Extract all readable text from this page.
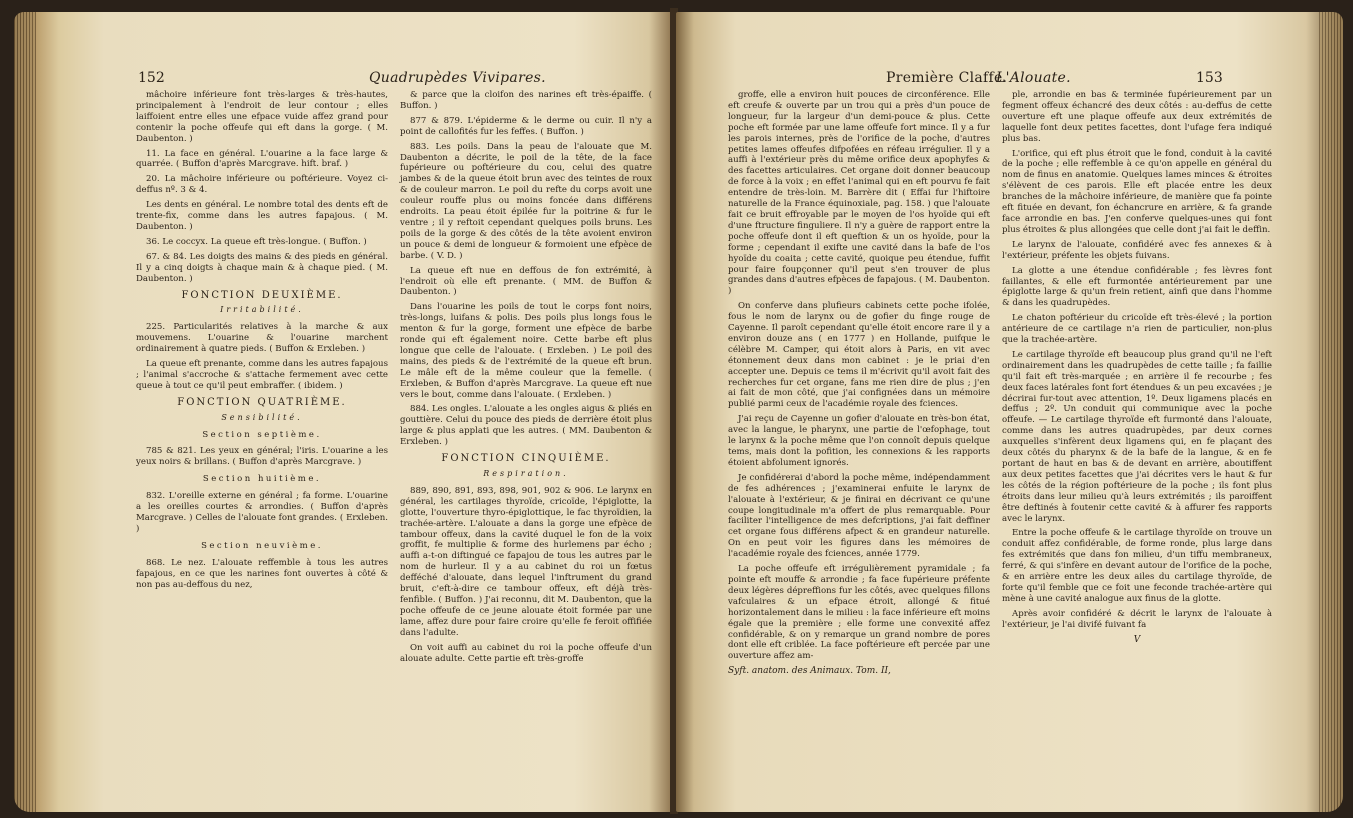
152	Quadrupèdes Vivipares.

mâchoire inférieure font très-larges & très-hautes, principalement à l'endroit de leur contour ; elles laiffoient entre elles une efpace vuide affez grand pour contenir la poche offeufe qui eft dans la gorge. ( M. Daubenton. )

11. La face en général. L'ouarine a la face large & quarrée. ( Buffon d'après Marcgrave. hift. braf. )

20. La mâchoire inférieure ou poftérieure. Voyez ci-deffus nº. 3 & 4.

Les dents en général. Le nombre total des dents eft de trente-fix, comme dans les autres fapajous. ( M. Daubenton. )

36. Le coccyx. La queue eft très-longue. ( Buffon. )

67. & 84. Les doigts des mains & des pieds en général. Il y a cinq doigts à chaque main & à chaque pied. ( M. Daubenton. )

FONCTION DEUXIÈME.

Irritabilité.

225. Particularités relatives à la marche & aux mouvemens. L'ouarine & l'ouarine marchent ordinairement à quatre pieds. ( Buffon & Erxleben. )

La queue eft prenante, comme dans les autres fapajous ; l'animal s'accroche & s'attache fermement avec cette queue à tout ce qu'il peut embraffer. ( ibidem. )

FONCTION QUATRIÈME.

Sensibilité.

Section septième.

785 & 821. Les yeux en général; l'iris. L'ouarine a les yeux noirs & brillans. ( Buffon d'après Marcgrave. )

Section huitième.

832. L'oreille externe en général ; fa forme. L'ouarine a les oreilles courtes & arrondies. ( Buffon d'après Marcgrave. ) Celles de l'alouate font grandes. ( Erxleben. )

Section neuvième.

868. Le nez. L'alouate reffemble à tous les autres fapajous, en ce que les narines font ouvertes à côté & non pas au-deffous du nez,

& parce que la cloifon des narines eft très-épaiffe. ( Buffon. )

877 & 879. L'épiderme & le derme ou cuir. Il n'y a point de callofités fur les feffes. ( Buffon. )

883. Les poils. Dans la peau de l'alouate que M. Daubenton a décrite, le poil de la tête, de la face fupérieure ou poftérieure du cou, celui des quatre jambes & de la queue étoit brun avec des teintes de roux & de couleur marron. Le poil du refte du corps avoit une couleur rouffe plus ou moins foncée dans différens endroits. La peau étoit épilée fur la poitrine & fur le ventre ; il y reftoit cependant quelques poils bruns. Les poils de la gorge & des côtés de la tête avoient environ un pouce & demi de longueur & formoient une efpèce de barbe. ( V. D. )

La queue eft nue en deffous de fon extrémité, à l'endroit où elle eft prenante. ( MM. de Buffon & Daubenton. )

Dans l'ouarine les poils de tout le corps font noirs, très-longs, luifans & polis. Des poils plus longs fous le menton & fur la gorge, forment une efpèce de barbe ronde qui eft également noire. Cette barbe eft plus longue que celle de l'alouate. ( Erxleben. ) Le poil des mains, des pieds & de l'extrémité de la queue eft brun. Le mâle eft de la même couleur que la femelle. ( Erxleben, & Buffon d'après Marcgrave. La queue eft nue vers le bout, comme dans l'alouate. ( Erxleben. )

884. Les ongles. L'alouate a les ongles aigus & pliés en gouttière. Celui du pouce des pieds de derrière étoit plus large & plus applati que les autres. ( MM. Daubenton & Erxleben. )

FONCTION CINQUIÈME.

Respiration.

889, 890, 891, 893, 898, 901, 902 & 906. Le larynx en général, les cartilages thyroïde, cricoïde, l'épiglotte, la glotte, l'ouverture thyro-épiglottique, le fac thyroïdien, la trachée-artère. L'alouate a dans la gorge une efpèce de tambour offeux, dans la cavité duquel le fon de la voix groffit, fe multiplie & forme des hurlemens par écho ; auffi a-t-on diftingué ce fapajou de tous les autres par le nom de hurleur. Il y a au cabinet du roi un fœtus defféché d'alouate, dans lequel l'inftrument du grand bruit, c'eft-à-dire ce tambour offeux, eft déjà très-fenfible. ( Buffon. ) J'ai reconnu, dit M. Daubenton, que la poche offeufe de ce jeune alouate étoit formée par une lame, affez dure pour faire croire qu'elle fe feroit offifiée dans l'adulte.

On voit auffi au cabinet du roi la poche offeufe d'un alouate adulte. Cette partie eft très-groffe

Première Claffe.
L'Alouate.	153

groffe, elle a environ huit pouces de circonférence. Elle eft creufe & ouverte par un trou qui a près d'un pouce de longueur, fur la largeur d'un demi-pouce & plus. Cette poche eft formée par une lame offeufe fort mince. Il y a fur les parois internes, près de l'orifice de la poche, d'autres petites lames offeufes difpofées en réfeau irrégulier. Il y a auffi à l'extérieur près du même orifice deux apophyfes & des facettes articulaires. Cet organe doit donner beaucoup de force à la voix ; en effet l'animal qui en eft pourvu fe fait entendre de très-loin. M. Barrère dit ( Effai fur l'hiftoire naturelle de la France équinoxiale, pag. 158. ) que l'alouate fait ce bruit effroyable par le moyen de l'os hyoïde qui eft d'une ftructure finguliere. Il n'y a guère de rapport entre la poche offeufe dont il eft queftion & un os hyoïde, pour la forme ; cependant il exifte une cavité dans la bafe de l'os hyoïde du coaita ; cette cavité, quoique peu étendue, fuffit pour faire foupçonner qu'il peut s'en trouver de plus grandes dans d'autres efpèces de fapajous. ( M. Daubenton. )

On conferve dans plufieurs cabinets cette poche ifolée, fous le nom de larynx ou de gofier du finge rouge de Cayenne. Il paroît cependant qu'elle étoit encore rare il y a environ douze ans ( en 1777 ) en Hollande, puifque le célèbre M. Camper, qui étoit alors à Paris, en vit avec étonnement deux dans mon cabinet : je le priai d'en accepter une. Depuis ce tems il m'écrivit qu'il avoit fait des recherches fur cet organe, fans me rien dire de plus ; j'en ai fait de mon côté, que j'ai confignées dans un mémoire publié parmi ceux de l'académie royale des fciences.

J'ai reçu de Cayenne un gofier d'alouate en très-bon état, avec la langue, le pharynx, une partie de l'œfophage, tout le larynx & la poche même que l'on connoît depuis quelque tems, mais dont la pofition, les connexions & les rapports étoient abfolument ignorés.

Je confidérerai d'abord la poche même, indépendamment de fes adhérences ; j'examinerai enfuite le larynx de l'alouate à l'extérieur, & je finirai en décrivant ce qu'une coupe longitudinale m'a offert de plus remarquable. Pour faciliter l'intelligence de mes defcriptions, j'ai fait deffiner cet organe fous différens afpect & en grandeur naturelle. On en peut voir les figures dans les mémoires de l'académie royale des fciences, année 1779.

La poche offeufe eft irrégulièrement pyramidale ; fa pointe eft mouffe & arrondie ; fa face fupérieure préfente deux légères dépreffions fur les côtés, avec quelques fillons vafculaires & un efpace étroit, allongé & fitué horizontalement dans le milieu : la face inférieure eft moins égale que la première ; elle forme une convexité affez confidérable, & on y remarque un grand nombre de pores dont elle eft criblée. La face poftérieure eft percée par une ouverture affez am-

Syft. anatom. des Animaux. Tom. II,

ple, arrondie en bas & terminée fupérieurement par un fegment offeux échancré des deux côtés : au-deffus de cette ouverture eft une plaque offeufe aux deux extrémités de laquelle font deux petites facettes, dont l'ufage fera indiqué plus bas.

L'orifice, qui eft plus étroit que le fond, conduit à la cavité de la poche ; elle reffemble à ce qu'on appelle en général du nom de finus en anatomie. Quelques lames minces & étroites s'élèvent de ces parois. Elle eft placée entre les deux branches de la mâchoire inférieure, de manière que fa pointe eft fituée en devant, fon échancrure en arrière, & fa grande face arrondie en bas. J'en conferve quelques-unes qui font plus étroites & plus allongées que celle dont j'ai fait le deffin.

Le larynx de l'alouate, confidéré avec fes annexes & à l'extérieur, préfente les objets fuivans.

La glotte a une étendue confidérable ; fes lèvres font faillantes, & elle eft furmontée antérieurement par une épiglotte large & qu'un frein retient, ainfi que dans l'homme & dans les quadrupèdes.

Le chaton poftérieur du cricoïde eft très-élevé ; la portion antérieure de ce cartilage n'a rien de particulier, non-plus que la trachée-artère.

Le cartilage thyroïde eft beaucoup plus grand qu'il ne l'eft ordinairement dans les quadrupèdes de cette taille ; fa faillie qu'il fait eft très-marquée ; en arrière il fe recourbe ; fes deux faces latérales font fort étendues & un peu excavées ; je décrirai fur-tout avec attention, 1º. Deux ligamens placés en deffus ; 2º. Un conduit qui communique avec la poche offeufe. — Le cartilage thyroïde eft furmonté dans l'alouate, comme dans les autres quadrupèdes, par deux cornes auxquelles s'infèrent deux ligamens qui, en fe plaçant des deux côtés du pharynx & de la bafe de la langue, & en fe portant de haut en bas & de devant en arrière, aboutiffent aux deux petites facettes que j'ai décrites vers le haut & fur les côtés de la région poftérieure de la poche ; ils font plus étroits dans leur milieu qu'à leurs extrémités ; ils paroiffent être deftinés à foutenir cette cavité & à affurer fes rapports avec le larynx.

Entre la poche offeufe & le cartilage thyroïde on trouve un conduit affez confidérable, de forme ronde, plus large dans fes extrémités que dans fon milieu, d'un tiffu membraneux, ferré, & qui s'infère en devant autour de l'orifice de la poche, & en arrière entre les deux ailes du cartilage thyroïde, de forte qu'il femble que ce foit une feconde trachée-artère qui mène à une cavité analogue aux finus de la glotte.

Après avoir confidéré & décrit le larynx de l'alouate à l'extérieur, je l'ai divifé fuivant fa

V
